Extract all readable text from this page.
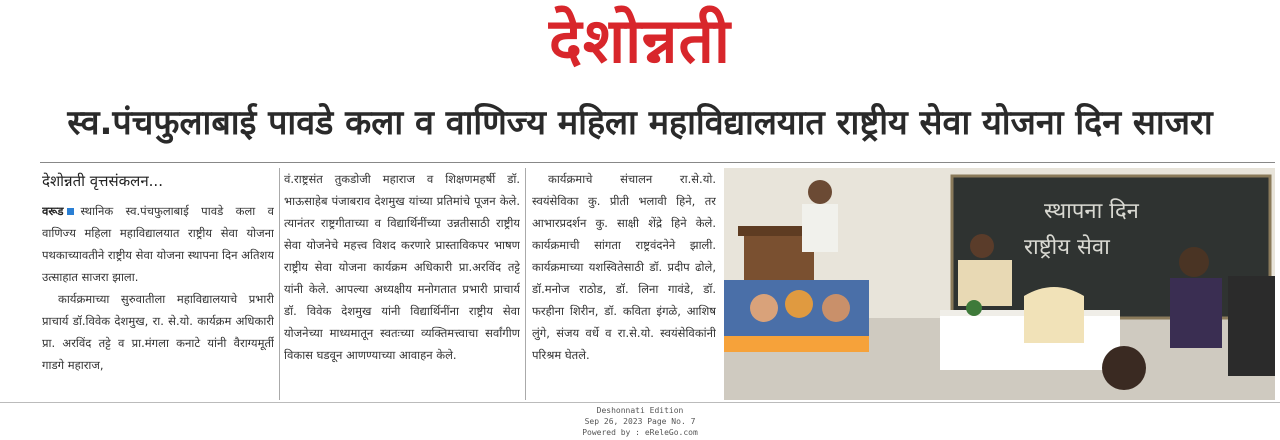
देशोन्नती
स्व.पंचफुलाबाई पावडे कला व वाणिज्य महिला महाविद्यालयात राष्ट्रीय सेवा योजना दिन साजरा
देशोन्नती वृत्तसंकलन...

वरूड स्थानिक स्व.पंचफुलाबाई पावडे कला व वाणिज्य महिला महाविद्यालयात राष्ट्रीय सेवा योजना पथकाच्यावतीने राष्ट्रीय सेवा योजना स्थापना दिन अतिशय उत्साहात साजरा झाला.

कार्यक्रमाच्या सुरुवातीला महाविद्यालयाचे प्रभारी प्राचार्य डॉ.विवेक देशमुख, रा. से.यो. कार्यक्रम अधिकारी प्रा. अरविंद तट्टे व प्रा.मंगला कनाटे यांनी वैराग्यमूर्ती गाडगे महाराज,

वं.राष्ट्रसंत तुकडोजी महाराज व शिक्षणमहर्षी डॉ. भाऊसाहेब पंजाबराव देशमुख यांच्या प्रतिमांचे पूजन केले. त्यानंतर राष्ट्रगीताच्या व विद्यार्थिनींच्या उन्नतीसाठी राष्ट्रीय सेवा योजनेचे महत्त्व विशद करणारे प्रास्ताविकपर भाषण राष्ट्रीय सेवा योजना कार्यक्रम अधिकारी प्रा.अरविंद तट्टे यांनी केले. आपल्या अध्यक्षीय मनोगतात प्रभारी प्राचार्य डॉ. विवेक देशमुख यांनी विद्यार्थिनींना राष्ट्रीय सेवा योजनेच्या माध्यमातून स्वतःच्या व्यक्तिमत्त्वाचा सर्वांगीण विकास घडवून आणण्याच्या आवाहन केले.

कार्यक्रमाचे संचालन रा.से.यो. स्वयंसेविका कु. प्रीती भलावी हिने, तर आभारप्रदर्शन कु. साक्षी शेंद्रे हिने केले. कार्यक्रमाची सांगता राष्ट्रवंदनेने झाली. कार्यक्रमाच्या यशस्वितेसाठी डॉ. प्रदीप ढोले, डॉ.मनोज राठोड, डॉ. लिना गावंडे, डॉ. फरहीना शिरीन, डॉ. कविता इंगळे, आशिष लुंगे, संजय वर्धे व रा.से.यो. स्वयंसेविकांनी परिश्रम घेतले.

स्थापना दिन
राष्ट्रीय सेवा
Deshonnati Edition
Sep 26, 2023 Page No. 7
Powered by : eReleGo.com
